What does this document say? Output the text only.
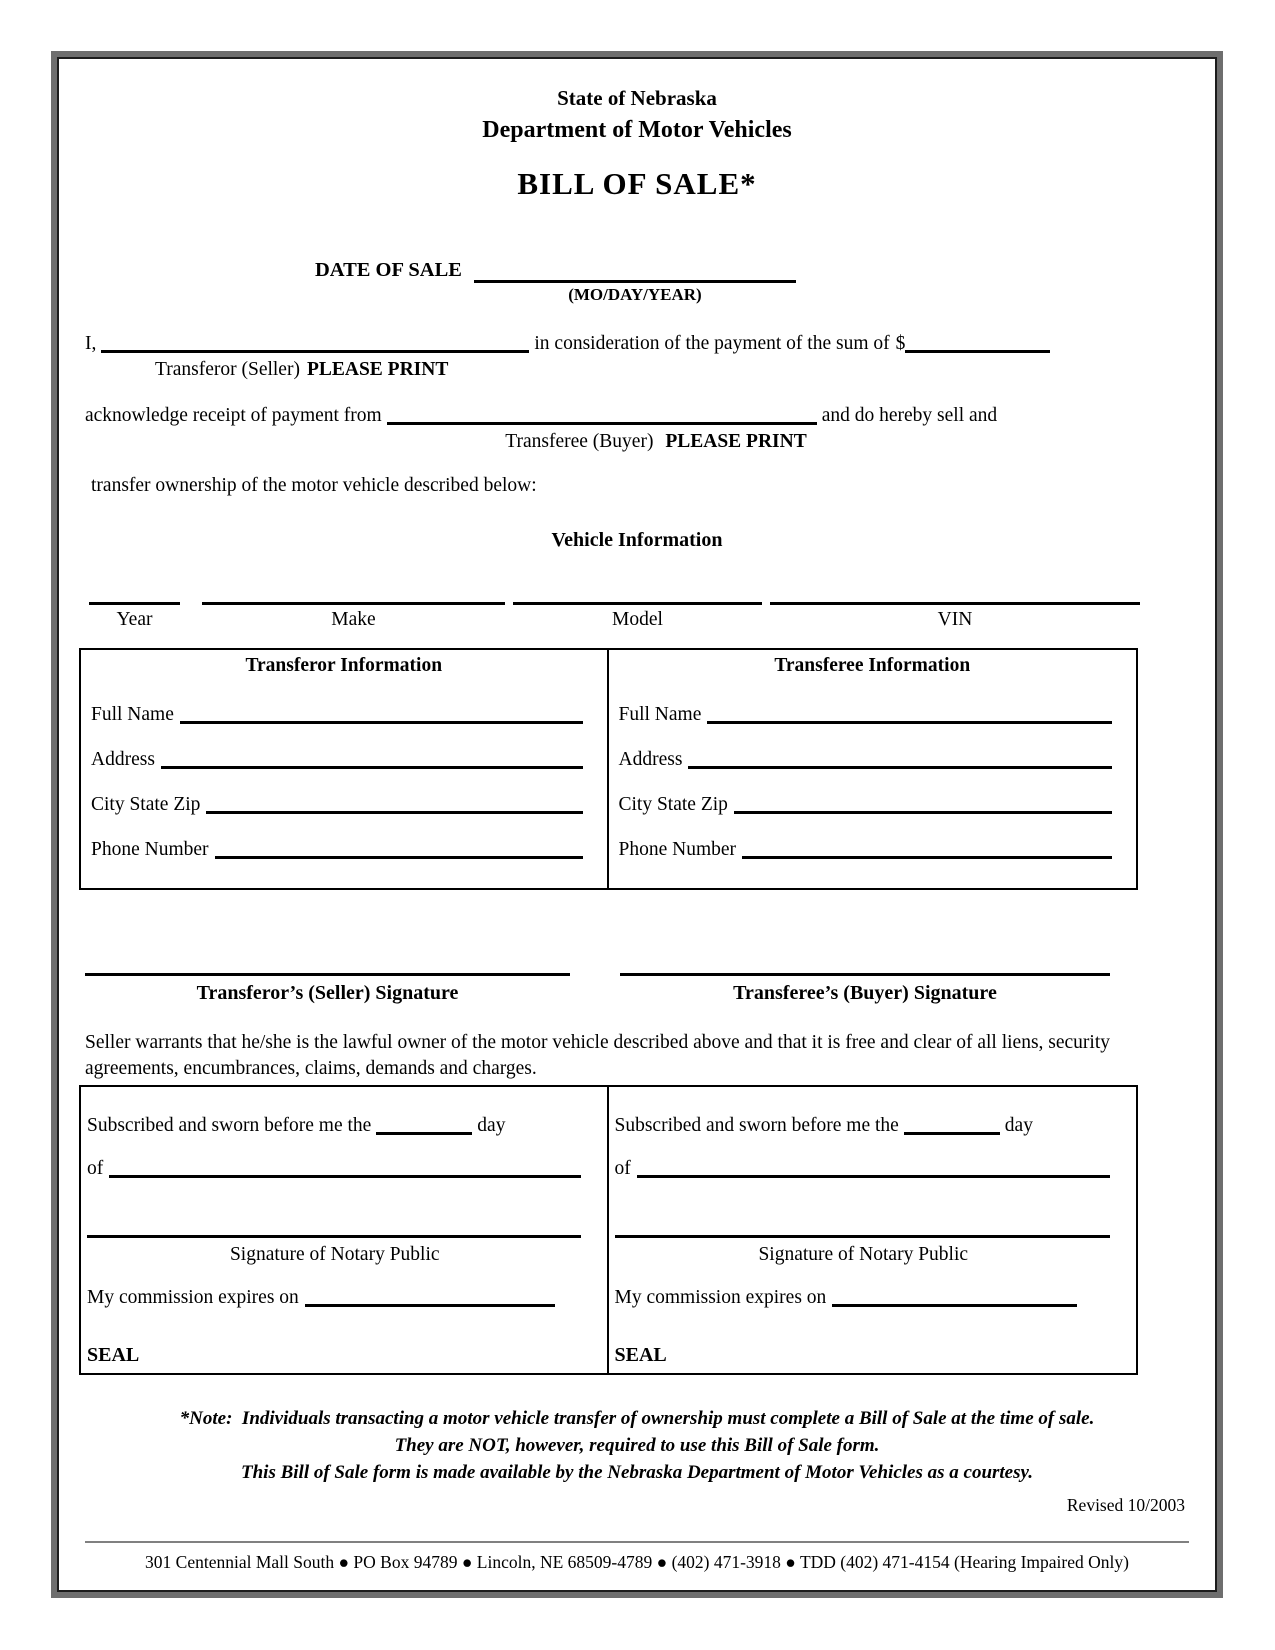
State of Nebraska
Department of Motor Vehicles
BILL OF SALE*
DATE OF SALE
(MO/DAY/YEAR)
I,	in consideration of the payment of the sum of $
Transferor (Seller) PLEASE PRINT
acknowledge receipt of payment from	and do hereby sell and
Transferee (Buyer) PLEASE PRINT
transfer ownership of the motor vehicle described below:
Vehicle Information
Year	Make	Model	VIN
Transferor Information
Full Name
Address
City State Zip
Phone Number
Transferee Information
Full Name
Address
City State Zip
Phone Number
Transferor’s (Seller) Signature	Transferee’s (Buyer) Signature
Seller warrants that he/she is the lawful owner of the motor vehicle described above and that it is free and clear of all liens, security agreements, encumbrances, claims, demands and charges.
Subscribed and sworn before me the	day
of
Signature of Notary Public
My commission expires on
SEAL
Subscribed and sworn before me the	day
of
Signature of Notary Public
My commission expires on
SEAL
*Note: Individuals transacting a motor vehicle transfer of ownership must complete a Bill of Sale at the time of sale.
They are NOT, however, required to use this Bill of Sale form.
This Bill of Sale form is made available by the Nebraska Department of Motor Vehicles as a courtesy.
Revised 10/2003
301 Centennial Mall South ● PO Box 94789 ● Lincoln, NE 68509-4789 ● (402) 471-3918 ● TDD (402) 471-4154 (Hearing Impaired Only)
